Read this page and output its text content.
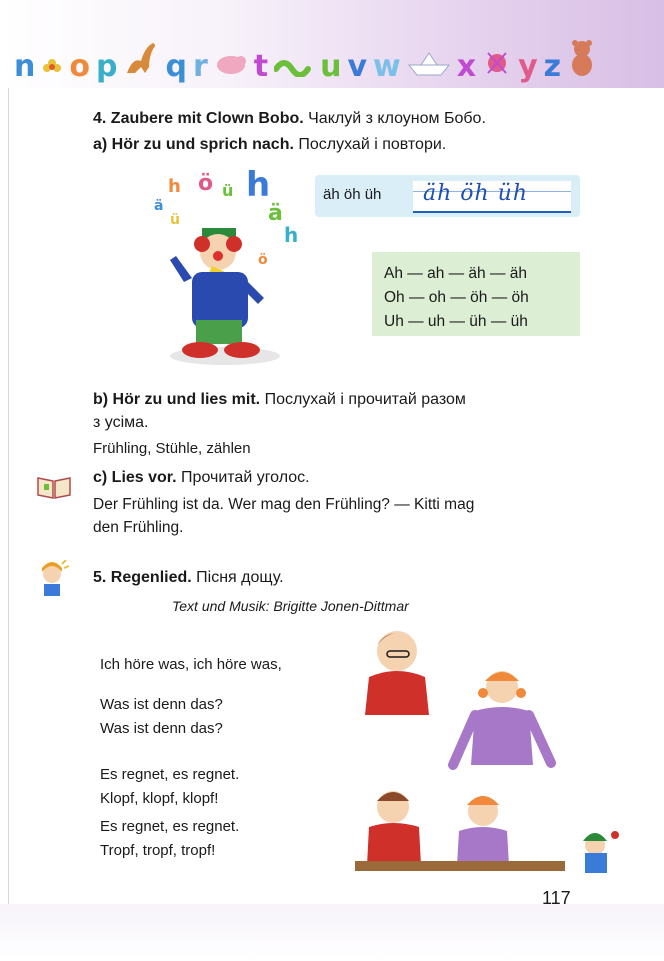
n o p q r t u v w x y z
4. Zaubere mit Clown Bobo. Чаклуй з клоуном Бобо.
a) Hör zu und sprich nach. Послухай і повтори.
h ö ü h
ä
ü	ä
h
ö
äh öh üh äh öh üh
Ah — ah — äh — äh
Oh — oh — öh — öh
Uh — uh — üh — üh
b) Hör zu und lies mit. Послухай і прочитай разом
з усіма.
Frühling, Stühle, zählen
c) Lies vor. Прочитай уголос.
Der Frühling ist da. Wer mag den Frühling? — Kitti mag
den Frühling.
5. Regenlied. Пісня дощу.
Text und Musik: Brigitte Jonen-Dittmar
Ich höre was, ich höre was,
Was ist denn das?
Was ist denn das?
Es regnet, es regnet.
Klopf, klopf, klopf!
Es regnet, es regnet.
Tropf, tropf, tropf!
117
